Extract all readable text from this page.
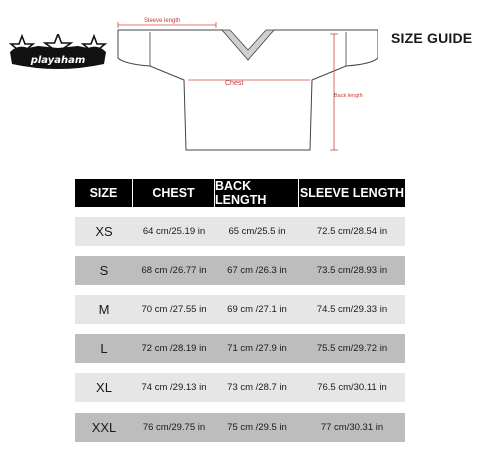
playaham
SIZE GUIDE
Sleeve length
Chest
Back length
SIZE	CHEST	BACK LENGTH	SLEEVE LENGTH
XS	64 cm/25.19 in	65 cm/25.5 in	72.5 cm/28.54 in
S	68 cm /26.77 in	67 cm /26.3 in	73.5 cm/28.93 in
M	70 cm /27.55 in	69 cm /27.1 in	74.5 cm/29.33 in
L	72 cm /28.19 in	71 cm /27.9 in	75.5 cm/29.72 in
XL	74 cm /29.13 in	73 cm /28.7 in	76.5 cm/30.11 in
XXL	76 cm/29.75 in	75 cm /29.5 in	77 cm/30.31 in
